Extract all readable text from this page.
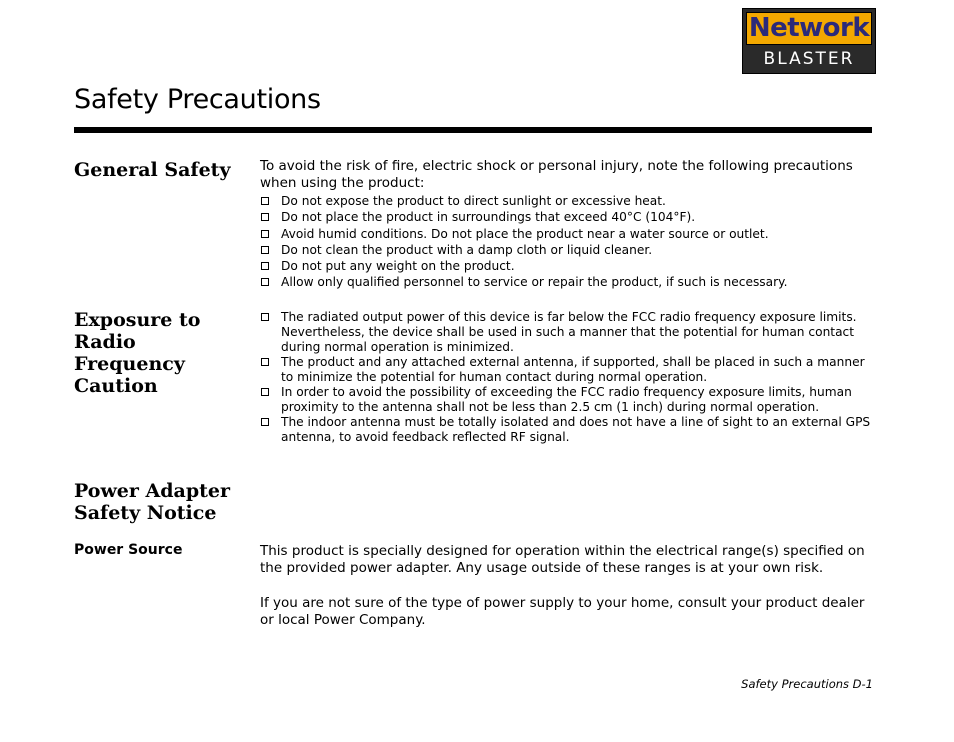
Network
BLASTER
Safety Precautions
General Safety	To avoid the risk of fire, electric shock or personal injury, note the following precautions when using the product:

Do not expose the product to direct sunlight or excessive heat.
Do not place the product in surroundings that exceed 40°C (104°F).
Avoid humid conditions. Do not place the product near a water source or outlet.
Do not clean the product with a damp cloth or liquid cleaner.
Do not put any weight on the product.
Allow only qualified personnel to service or repair the product, if such is necessary.
Exposure to Radio Frequency Caution
The radiated output power of this device is far below the FCC radio frequency exposure limits. Nevertheless, the device shall be used in such a manner that the potential for human contact during normal operation is minimized.
The product and any attached external antenna, if supported, shall be placed in such a manner to minimize the potential for human contact during normal operation.
In order to avoid the possibility of exceeding the FCC radio frequency exposure limits, human proximity to the antenna shall not be less than 2.5 cm (1 inch) during normal operation.
The indoor antenna must be totally isolated and does not have a line of sight to an external GPS antenna, to avoid feedback reflected RF signal.
Power Adapter Safety Notice
Power Source	This product is specially designed for operation within the electrical range(s) specified on the provided power adapter. Any usage outside of these ranges is at your own risk.

If you are not sure of the type of power supply to your home, consult your product dealer or local Power Company.

Safety Precautions D-1
